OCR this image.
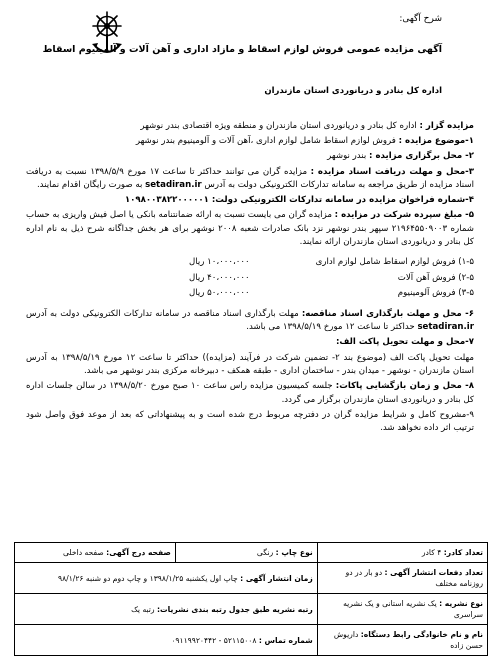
شرح آگهی:
آگهی مزایده عمومی فروش لوازم اسقاط و مازاد اداری و آهن آلات و آلمینیوم اسقاط
اداره کل بنادر و دریانوردی استان مازندران

مزایده گزار : اداره کل بنادر و دریانوردی استان مازندران و منطقه ویژه اقتصادی بندر نوشهر

۱-موضوع مزایده : فروش لوازم اسقاط شامل لوازم اداری ،آهن آلات و آلومینیوم بندر نوشهر

۲- محل برگزاری مزایده : بندر نوشهر

۳-محل و مهلت دریافت اسناد مزایده : مزایده گران می توانند حداکثر تا ساعت ۱۷ مورخ ۱۳۹۸/۵/۹ نسبت به دریافت اسناد مزایده از طریق مراجعه به سامانه تدارکات الکترونیکی دولت به آدرس setadiran.ir به صورت رایگان اقدام نمایند.

۴-شماره فراخوان مزایده در سامانه تدارکات الکترونیکی دولت: ۱۰۹۸۰۰۳۸۲۲۰۰۰۰۰۱

۵- مبلغ سپرده شرکت در مزایده : مزایده گران می بایست نسبت به ارائه ضمانتنامه بانکی یا اصل فیش واریزی به حساب شماره ۲۱۹۶۴۵۵۰۹۰۰۳ سپهر بندر نوشهر نزد بانک صادرات شعبه ۲۰۰۸ نوشهر برای هر بخش جداگانه شرح ذیل به نام اداره کل بنادر و دریانوردی استان مازندران ارائه نمایند.

۱-۵) فروش لوازم اسقاط شامل لوازم اداری
۱۰،۰۰۰،۰۰۰ ریال
۲-۵) فروش آهن آلات
۴۰،۰۰۰،۰۰۰ ریال
۳-۵) فروش آلومینیوم
۵۰،۰۰۰،۰۰۰ ریال

۶- محل و مهلت بارگذاری اسناد مناقصه: مهلت بارگذاری اسناد مناقصه در سامانه تدارکات الکترونیکی دولت به آدرس setadiran.ir حداکثر تا ساعت ۱۲ مورخ ۱۳۹۸/۵/۱۹ می باشد.

۷-محل و مهلت تحویل پاکت الف:

مهلت تحویل پاکت الف (موضوع بند ۲- تضمین شرکت در فرآیند (مزایده)) حداکثر تا ساعت ۱۲ مورخ ۱۳۹۸/۵/۱۹ به آدرس استان مازندران - نوشهر - میدان بندر - ساختمان اداری - طبقه همکف - دبیرخانه مرکزی بندر نوشهر می باشد.

۸- محل و زمان بازگشایی پاکات: جلسه کمیسیون مزایده راس ساعت ۱۰ صبح مورخ ۱۳۹۸/۵/۲۰ در سالن جلسات اداره کل بنادر و دریانوردی استان مازندران برگزار می گردد.

۹-مشروح کامل و شرایط مزایده گران در دفترچه مربوط درج شده است و به پیشنهاداتی که بعد از موعد فوق واصل شود ترتیب اثر داده نخواهد شد.

تعداد کادر: ۴ کادر	نوع چاپ : رنگی	صفحه درج آگهی: صفحه داخلی
تعداد دفعات انتشار آگهی : دو بار در دو روزنامه مختلف	زمان انتشار آگهی : چاپ اول یکشنبه ۱۳۹۸/۱/۲۵ و چاپ دوم دو شنبه ۹۸/۱/۲۶	
نوع نشریه : یک نشریه استانی و یک نشریه سراسری	رتبه نشریه طبق جدول رتبه بندی نشریات: رتبه یک	
نام و نام خانوادگی رابط دستگاه: داریوش حسن زاده	شماره تماس : ۵۲۱۱۵۰۰۸ - ۰۹۱۱۹۹۲۰۴۴۲	
